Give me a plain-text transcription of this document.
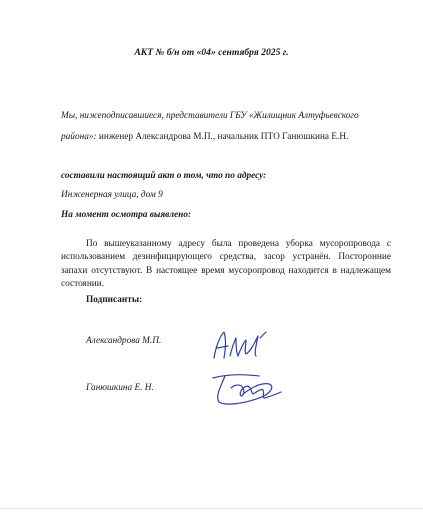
АКТ № б/н от «04» сентября 2025 г.
Мы, нижеподписавшиеся, представители ГБУ «Жилищник Алтуфьевского района»: инженер Александрова М.П., начальник ПТО Ганюшкина Е.Н.
составили настоящий акт о том, что по адресу:
Инженерная улица, дом 9
На момент осмотра выявлено:
По вышеуказанному адресу была проведена уборка мусоропровода с использованием дезинфицирующего средства, засор устранён. Посторонние запахи отсутствуют. В настоящее время мусоропровод находится в надлежащем состоянии.
Подписанты:
Александрова М.П.
Ганюшкина Е. Н.
